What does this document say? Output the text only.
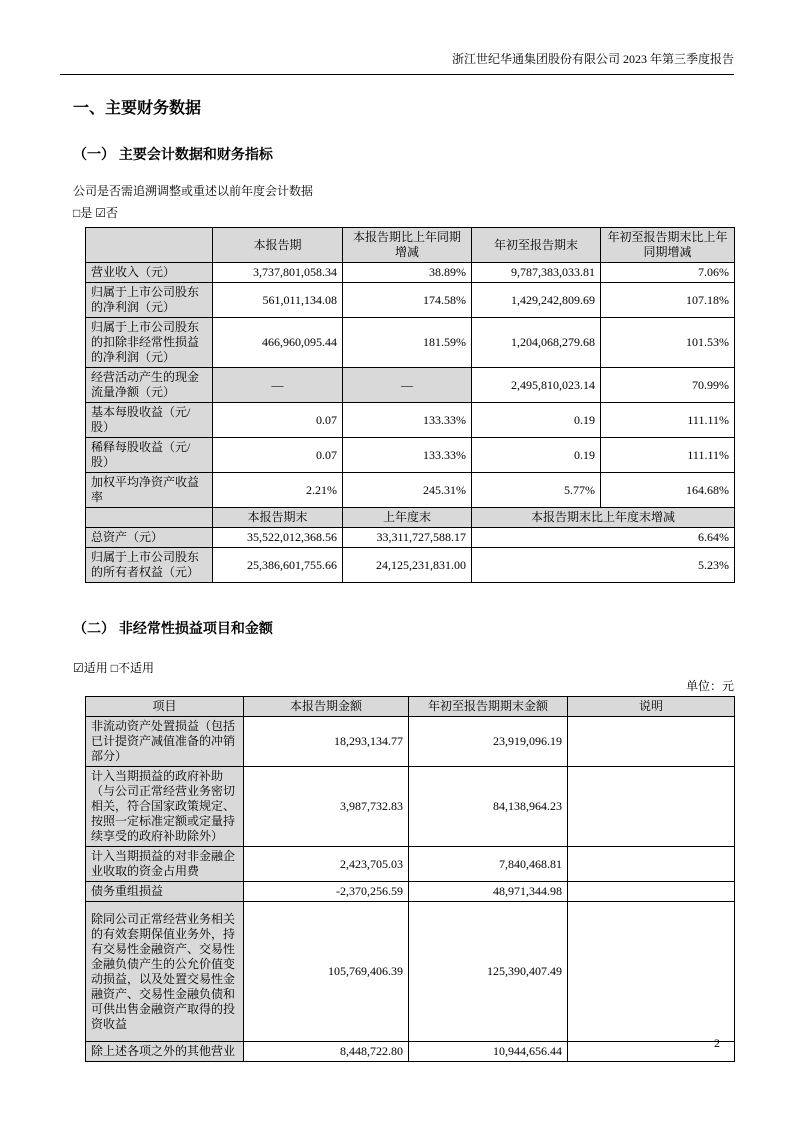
浙江世纪华通集团股份有限公司 2023 年第三季度报告
一、主要财务数据
（一） 主要会计数据和财务指标

公司是否需追溯调整或重述以前年度会计数据

□是 ☑否

	本报告期	本报告期比上年同期增减	年初至报告期末	年初至报告期末比上年同期增减
营业收入（元）	3,737,801,058.34	38.89%	9,787,383,033.81	7.06%
归属于上市公司股东的净利润（元）	561,011,134.08	174.58%	1,429,242,809.69	107.18%
归属于上市公司股东的扣除非经常性损益的净利润（元）	466,960,095.44	181.59%	1,204,068,279.68	101.53%
经营活动产生的现金流量净额（元）	—	—	2,495,810,023.14	70.99%
基本每股收益（元/股）	0.07	133.33%	0.19	111.11%
稀释每股收益（元/股）	0.07	133.33%	0.19	111.11%
加权平均净资产收益率	2.21%	245.31%	5.77%	164.68%
	本报告期末	上年度末	本报告期末比上年度末增减	
总资产（元）	35,522,012,368.56	33,311,727,588.17	6.64%	
归属于上市公司股东的所有者权益（元）	25,386,601,755.66	24,125,231,831.00	5.23%	
（二） 非经常性损益项目和金额

☑适用 □不适用

单位：元
项目	本报告期金额	年初至报告期期末金额	说明
非流动资产处置损益（包括已计提资产减值准备的冲销部分）	18,293,134.77	23,919,096.19	
计入当期损益的政府补助（与公司正常经营业务密切相关，符合国家政策规定、按照一定标准定额或定量持续享受的政府补助除外）	3,987,732.83	84,138,964.23	
计入当期损益的对非金融企业收取的资金占用费	2,423,705.03	7,840,468.81	
债务重组损益	-2,370,256.59	48,971,344.98	
除同公司正常经营业务相关的有效套期保值业务外，持有交易性金融资产、交易性金融负债产生的公允价值变动损益，以及处置交易性金融资产、交易性金融负债和可供出售金融资产取得的投资收益	105,769,406.39	125,390,407.49	
除上述各项之外的其他营业	8,448,722.80	10,944,656.44	
2
